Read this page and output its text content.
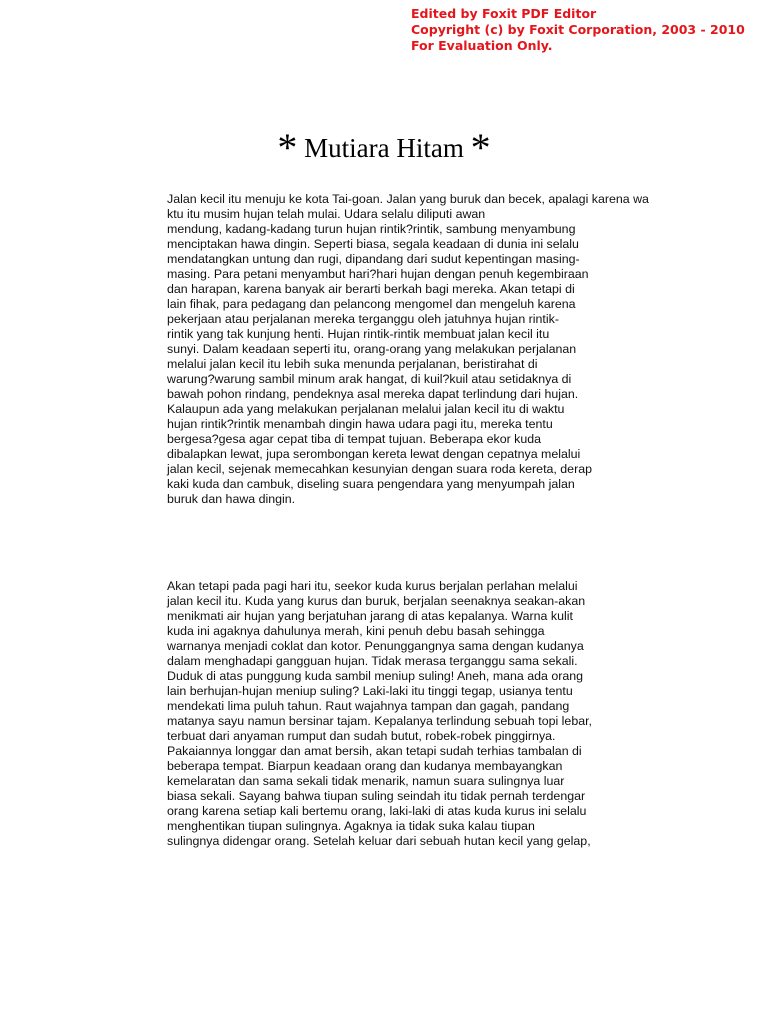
Edited by Foxit PDF Editor
Copyright (c) by Foxit Corporation, 2003 - 2010
For Evaluation Only.
* Mutiara Hitam *
Jalan kecil itu menuju ke kota Tai-goan. Jalan yang buruk dan becek, apalagi karena wa
ktu itu musim hujan telah mulai. Udara selalu diliputi awan
mendung, kadang-kadang turun hujan rintik?rintik, sambung menyambung
menciptakan hawa dingin. Seperti biasa, segala keadaan di dunia ini selalu
mendatangkan untung dan rugi, dipandang dari sudut kepentingan masing-
masing. Para petani menyambut hari?hari hujan dengan penuh kegembiraan
dan harapan, karena banyak air berarti berkah bagi mereka. Akan tetapi di
lain fihak, para pedagang dan pelancong mengomel dan mengeluh karena
pekerjaan atau perjalanan mereka terganggu oleh jatuhnya hujan rintik-
rintik yang tak kunjung henti. Hujan rintik-rintik membuat jalan kecil itu
sunyi. Dalam keadaan seperti itu, orang-orang yang melakukan perjalanan
melalui jalan kecil itu lebih suka menunda perjalanan, beristirahat di
warung?warung sambil minum arak hangat, di kuil?kuil atau setidaknya di
bawah pohon rindang, pendeknya asal mereka dapat terlindung dari hujan.
Kalaupun ada yang melakukan perjalanan melalui jalan kecil itu di waktu
hujan rintik?rintik menambah dingin hawa udara pagi itu, mereka tentu
bergesa?gesa agar cepat tiba di tempat tujuan. Beberapa ekor kuda
dibalapkan lewat, jupa serombongan kereta lewat dengan cepatnya melalui
jalan kecil, sejenak memecahkan kesunyian dengan suara roda kereta, derap
kaki kuda dan cambuk, diseling suara pengendara yang menyumpah jalan
buruk dan hawa dingin.
Akan tetapi pada pagi hari itu, seekor kuda kurus berjalan perlahan melalui
jalan kecil itu. Kuda yang kurus dan buruk, berjalan seenaknya seakan-akan
menikmati air hujan yang berjatuhan jarang di atas kepalanya. Warna kulit
kuda ini agaknya dahulunya merah, kini penuh debu basah sehingga
warnanya menjadi coklat dan kotor. Penunggangnya sama dengan kudanya
dalam menghadapi gangguan hujan. Tidak merasa terganggu sama sekali.
Duduk di atas punggung kuda sambil meniup suling! Aneh, mana ada orang
lain berhujan-hujan meniup suling? Laki-laki itu tinggi tegap, usianya tentu
mendekati lima puluh tahun. Raut wajahnya tampan dan gagah, pandang
matanya sayu namun bersinar tajam. Kepalanya terlindung sebuah topi lebar,
terbuat dari anyaman rumput dan sudah butut, robek-robek pinggirnya.
Pakaiannya longgar dan amat bersih, akan tetapi sudah terhias tambalan di
beberapa tempat. Biarpun keadaan orang dan kudanya membayangkan
kemelaratan dan sama sekali tidak menarik, namun suara sulingnya luar
biasa sekali. Sayang bahwa tiupan suling seindah itu tidak pernah terdengar
orang karena setiap kali bertemu orang, laki-laki di atas kuda kurus ini selalu
menghentikan tiupan sulingnya. Agaknya ia tidak suka kalau tiupan
sulingnya didengar orang. Setelah keluar dari sebuah hutan kecil yang gelap,
